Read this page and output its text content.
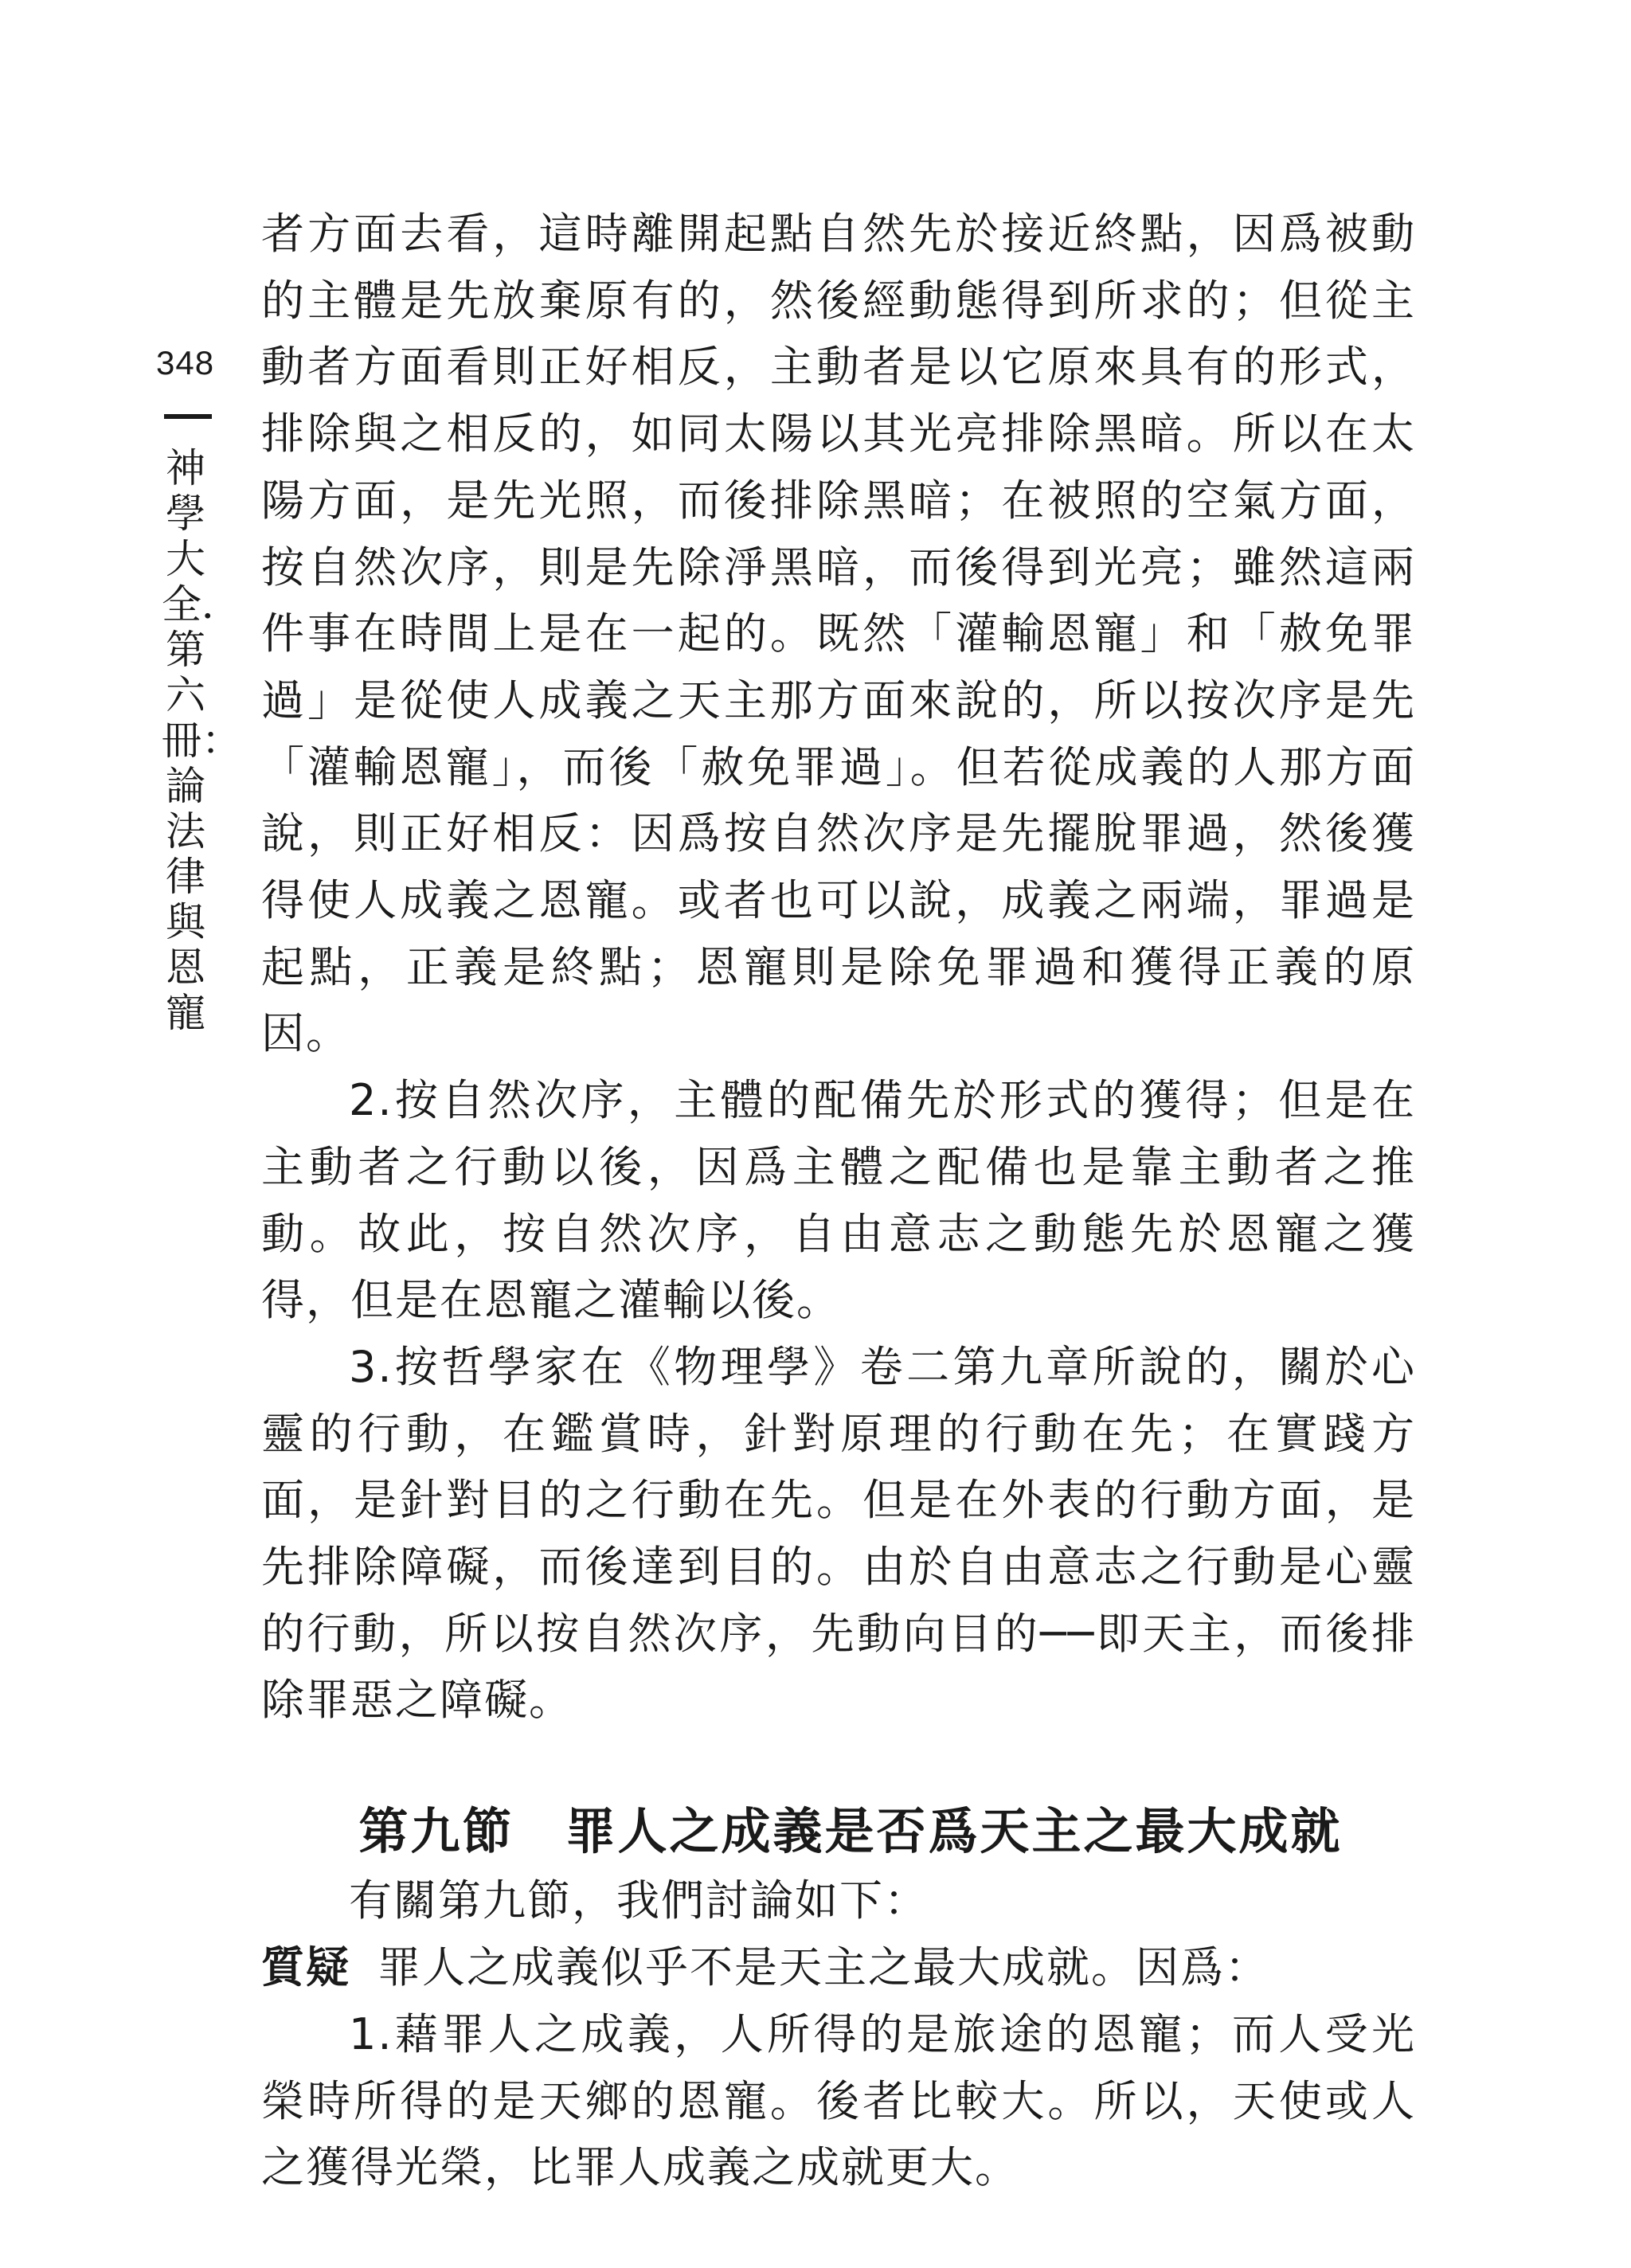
348
神學大全．第六冊：論法律與恩寵

者方面去看，這時離開起點自然先於接近終點，因爲被動的主體是先放棄原有的，然後經動態得到所求的；但從主動者方面看則正好相反，主動者是以它原來具有的形式，排除與之相反的，如同太陽以其光亮排除黑暗。所以在太陽方面，是先光照，而後排除黑暗；在被照的空氣方面，按自然次序，則是先除淨黑暗，而後得到光亮；雖然這兩件事在時間上是在一起的。既然「灌輸恩寵」和「赦免罪過」是從使人成義之天主那方面來說的，所以按次序是先「灌輸恩寵」，而後「赦免罪過」。但若從成義的人那方面說，則正好相反：因爲按自然次序是先擺脫罪過，然後獲得使人成義之恩寵。或者也可以說，成義之兩端，罪過是起點，正義是終點；恩寵則是除免罪過和獲得正義的原因。

2.按自然次序，主體的配備先於形式的獲得；但是在主動者之行動以後，因爲主體之配備也是靠主動者之推動。故此，按自然次序，自由意志之動態先於恩寵之獲得，但是在恩寵之灌輸以後。

3.按哲學家在《物理學》卷二第九章所說的，關於心靈的行動，在鑑賞時，針對原理的行動在先；在實踐方面，是針對目的之行動在先。但是在外表的行動方面，是先排除障礙，而後達到目的。由於自由意志之行動是心靈的行動，所以按自然次序，先動向目的──即天主，而後排除罪惡之障礙。

第九節　罪人之成義是否爲天主之最大成就

有關第九節，我們討論如下：

質疑 罪人之成義似乎不是天主之最大成就。因爲：

1.藉罪人之成義，人所得的是旅途的恩寵；而人受光榮時所得的是天鄉的恩寵。後者比較大。所以，天使或人之獲得光榮，比罪人成義之成就更大。
